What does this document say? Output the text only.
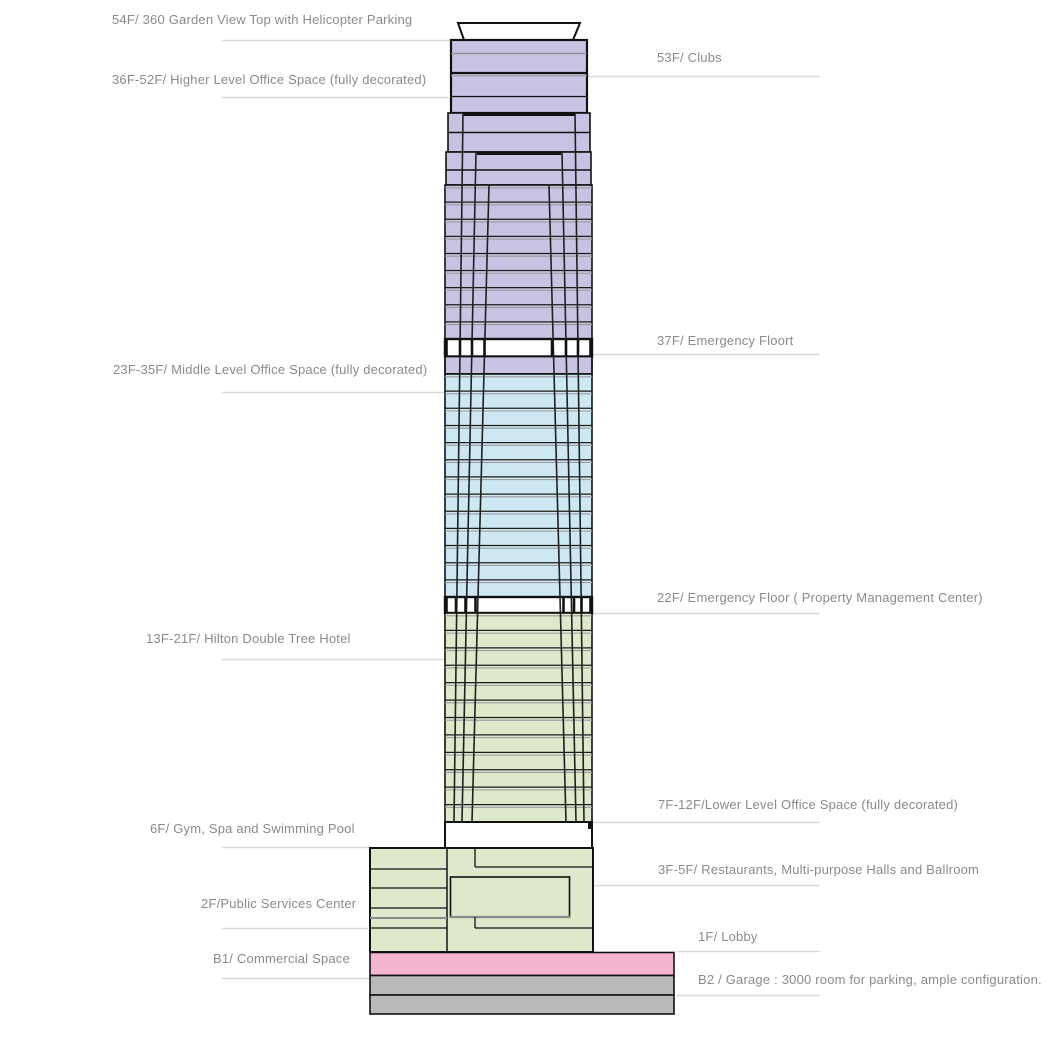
54F/ 360 Garden View Top with Helicopter Parking
36F-52F/ Higher Level Office Space (fully decorated)
23F-35F/ Middle Level Office Space (fully decorated)
13F-21F/ Hilton Double Tree Hotel
6F/ Gym, Spa and Swimming Pool
2F/Public Services Center
B1/ Commercial Space
53F/ Clubs
37F/ Emergency Floort
22F/ Emergency Floor ( Property Management Center)
7F-12F/Lower Level Office Space (fully decorated)
3F-5F/ Restaurants, Multi-purpose Halls and Ballroom
1F/ Lobby
B2 / Garage : 3000 room for parking, ample configuration.
